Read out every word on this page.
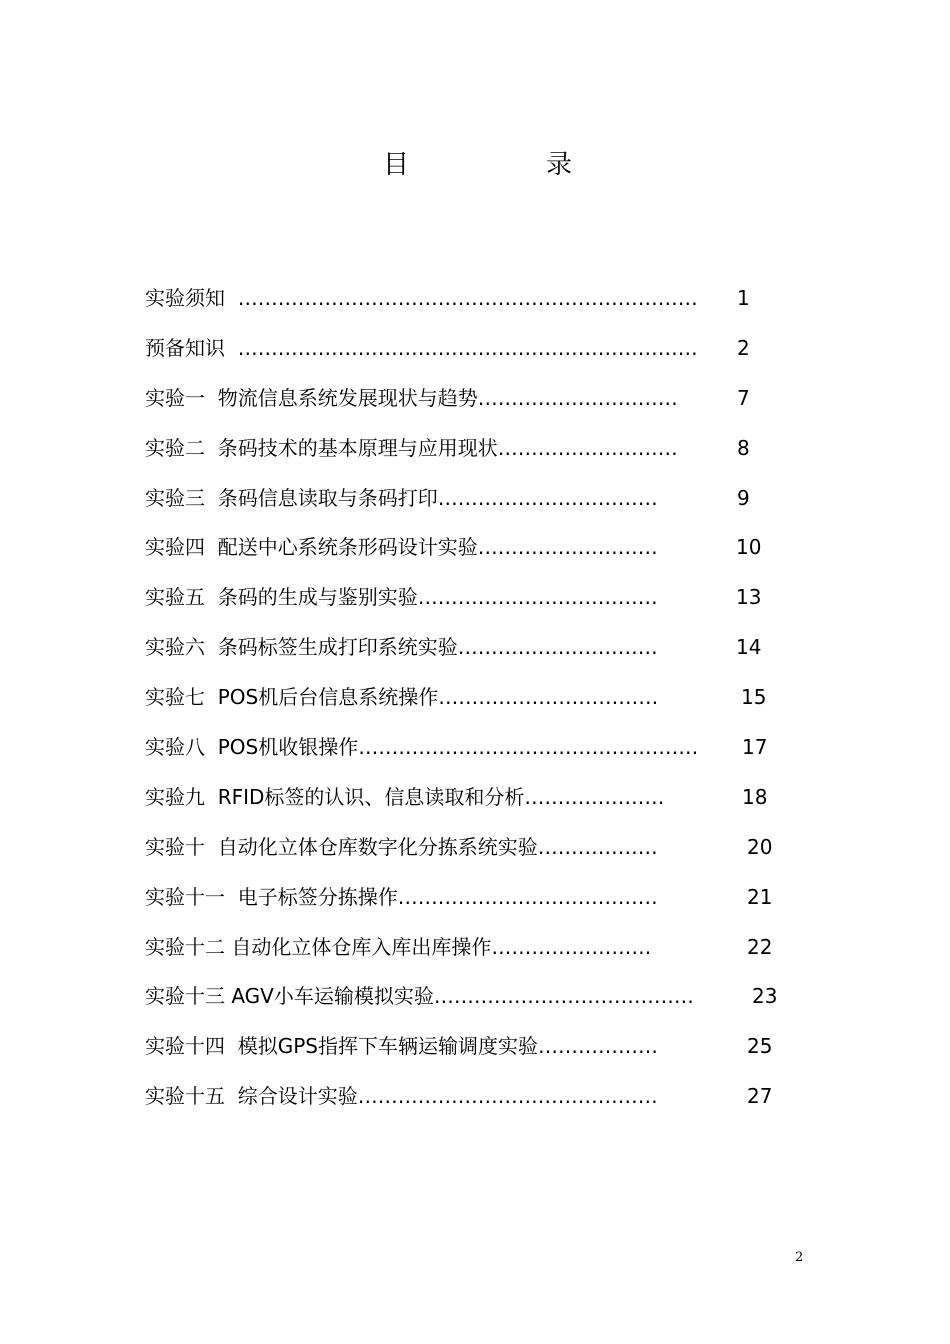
目	录
实验须知  …………………………………………………………… 1
预备知识  …………………………………………………………… 2
实验一  物流信息系统发展现状与趋势…………………………	7
实验二  条码技术的基本原理与应用现状………………………	8
实验三  条码信息读取与条码打印……………………………	9
实验四  配送中心系统条形码设计实验………………………	10
实验五  条码的生成与鉴别实验………………………………	13
实验六  条码标签生成打印系统实验…………………………	14
实验七  POS机后台信息系统操作……………………………	15
实验八  POS机收银操作…………………………………………… 17
实验九  RFID标签的认识、信息读取和分析…………………	18
实验十  自动化立体仓库数字化分拣系统实验………………	20
实验十一  电子标签分拣操作…………………………………	21
实验十二 自动化立体仓库入库出库操作……………………	22
实验十三 AGV小车运输模拟实验…………………………………	23
实验十四  模拟GPS指挥下车辆运输调度实验………………	25
实验十五  综合设计实验………………………………………	27
2
